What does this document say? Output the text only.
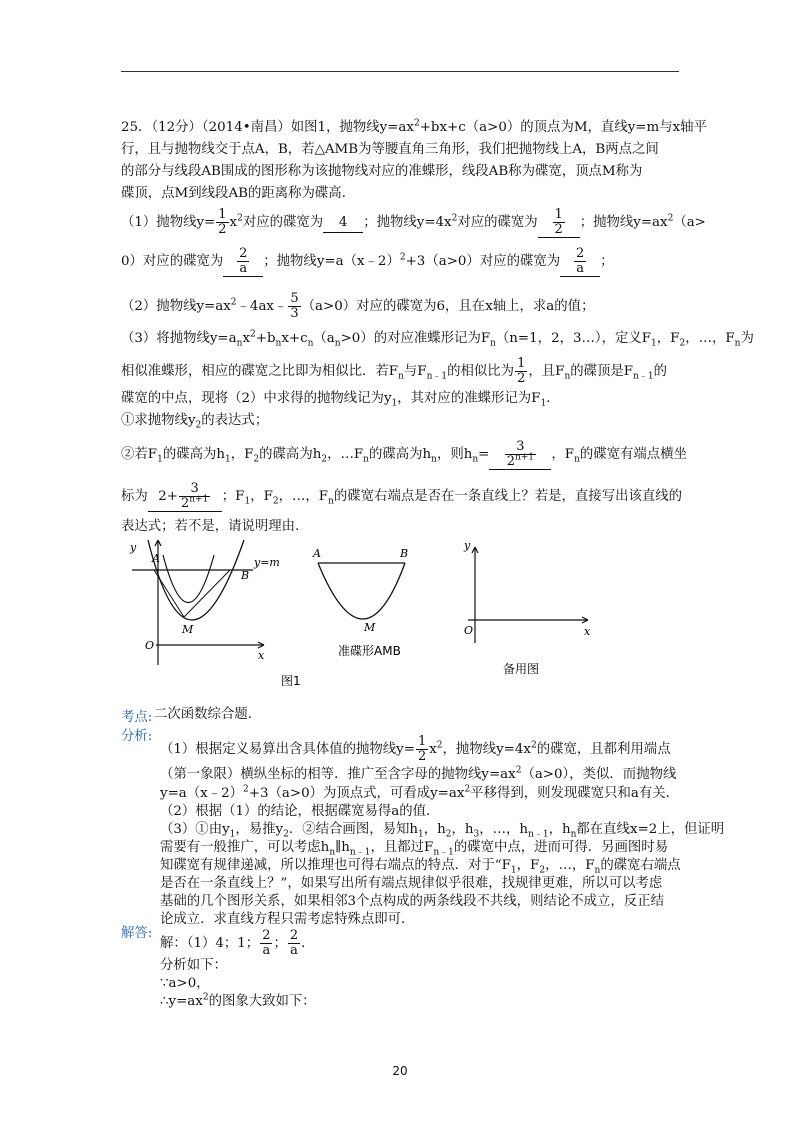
25．（12分）（2014•南昌）如图1，抛物线$y=ax^2+bx+c(a>0)$的顶点为M，直线y=m与x轴平
行，且与抛物线交于点A，B，若△AMB为等腰直角三角形，我们把抛物线上A，B两点之间
的部分与线段AB围成的图形称为该抛物线对应的准蝶形，线段AB称为碟宽，顶点M称为
碟顶，点M到线段AB的距离称为碟高．
（1）抛物线$y= \frac{1}{2} x^2$对应的碟宽为 4 ；抛物线$y=4x^2$对应的碟宽为 $\frac{1}{2}$ ；抛物线$y=ax^2(a>$
0）对应的碟宽为 $\frac{2}{a}$ ；抛物线y=a（x﹣2）$^2$+3（a>0）对应的碟宽为 $\frac{2}{a}$ ；
（2）抛物线$y=ax^2﹣4ax﹣ \frac{5}{3} (a>0)$对应的碟宽为6，且在x轴上，求a的值；
（3）将抛物线$y=a_nx^2+b_nx+c_n(a_n>0)$的对应准蝶形记为$F_n(n=1$，2，3…），定义$F_1$，$F_2$，…，$F_n$为
相似准蝶形，相应的碟宽之比即为相似比．若$F_n$与$F_{n﹣1}$的相似比为 $\frac{1}{2}$ ，且$F_n$的碟顶是$F_{n﹣1}$的
碟宽的中点，现将（2）中求得的抛物线记为$y_1$，其对应的准蝶形记为$F_1$．
①求抛物线$y_2$的表达式；
②若$F_1$的碟高为$h_1$，$F_2$的碟高为$h_2$，$\dots F_n$的碟高为$h_n$，则$h_n= \frac{3}{2^{n+1}}$ ，$F_n$的碟宽有端点横坐
标为 $2+ \frac{3}{2^{n+1}}$ ；$F_1$，$F_2$，…，$F_n$的碟宽右端点是否在一条直线上？若是，直接写出该直线的
表达式；若不是，请说明理由．
A
B
M
y=m
y
O
x
图1
A	B
M
准碟形AMB
y
O	x
备用图
考点: 二次函数综合题．
分析:
（1）根据定义易算出含具体值的抛物线$y= \frac{1}{2} x^2$，抛物线$y=4x^2$的碟宽，且都利用端点
（第一象限）横纵坐标的相等．推广至含字母的抛物线$y=ax^2(a>0)$，类似．而抛物线
y=a（x﹣2）$^2$+3（a>0）为顶点式，可看成$y=ax^2$平移得到，则发现碟宽只和a有关．
（2）根据（1）的结论，根据碟宽易得a的值．
（3）①由$y_1$，易推$y_2$．②结合画图，易知$h_1$，$h_2$，$h_3$，…，$h_{n﹣1}$，$h_n$都在直线x=2上，但证明
需要有一般推广，可以考虑$h_n\parallel h_{n﹣1}$，且都过$F_{n﹣1}$的碟宽中点，进而可得．另画图时易
知碟宽有规律递减，所以推理也可得右端点的特点．对于“$F_1$，$F_2$，…，$F_n$的碟宽右端点
是否在一条直线上？”，如果写出所有端点规律似乎很难，找规律更难，所以可以考虑
基础的几个图形关系，如果相邻3个点构成的两条线段不共线，则结论不成立，反正结
论成立．求直线方程只需考虑特殊点即可．
解答:
解：（1）4；1； $\frac{2}{a}$ ； $\frac{2}{a}$ ．
分析如下：
∵a>0，
$\therefore y=ax^2$的图象大致如下：
20
